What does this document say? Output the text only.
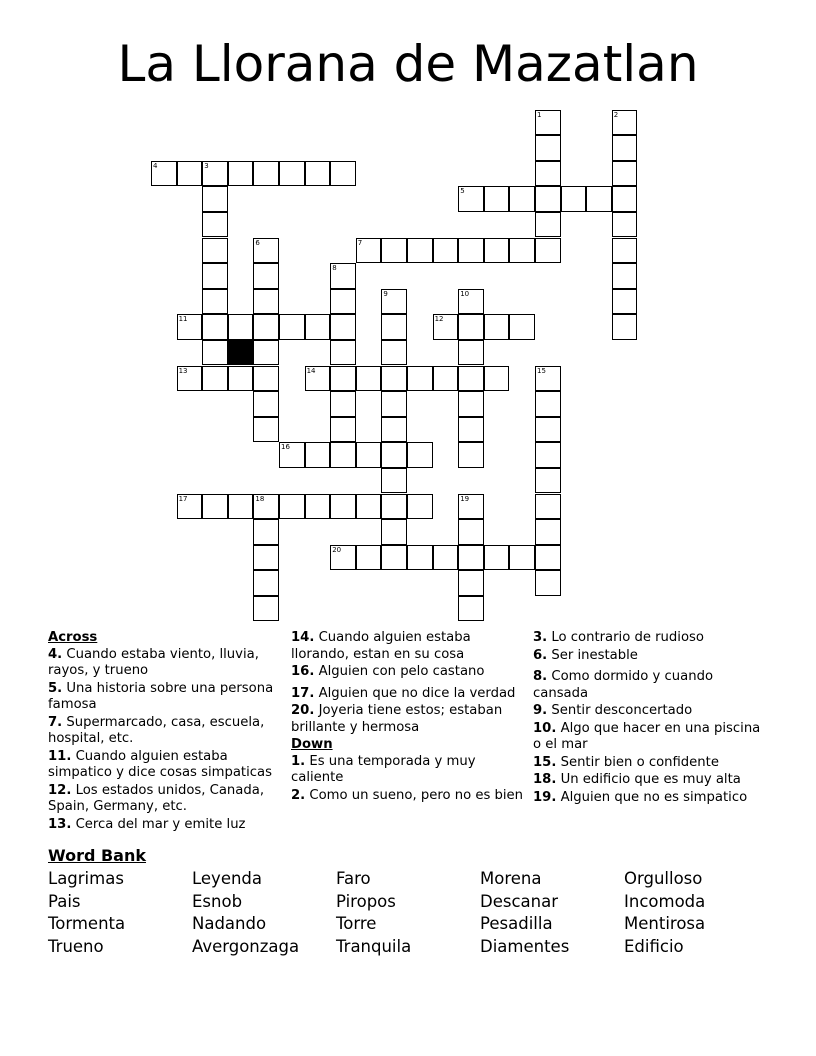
La Llorana de Mazatlan
4	3
5
7
11	12
13	14
16
17	18
20
1	2
6
8
9	10
15
19
Across
4. Cuando estaba viento, lluvia, rayos, y trueno
5. Una historia sobre una persona famosa
7. Supermarcado, casa, escuela, hospital, etc.
11. Cuando alguien estaba simpatico y dice cosas simpaticas
12. Los estados unidos, Canada, Spain, Germany, etc.
13. Cerca del mar y emite luz
14. Cuando alguien estaba llorando, estan en su cosa
16. Alguien con pelo castano
17. Alguien que no dice la verdad
20. Joyeria tiene estos; estaban brillante y hermosa
Down
1. Es una temporada y muy caliente
2. Como un sueno, pero no es bien
3. Lo contrario de rudioso
6. Ser inestable
8. Como dormido y cuando cansada
9. Sentir desconcertado
10. Algo que hacer en una piscina o el mar
15. Sentir bien o confidente
18. Un edificio que es muy alta
19. Alguien que no es simpatico
Word Bank
Lagrimas	Leyenda	Faro	Morena	Orgulloso
Pais	Esnob	Piropos	Descanar	Incomoda
Tormenta	Nadando	Torre	Pesadilla	Mentirosa
Trueno	Avergonzaga	Tranquila	Diamentes	Edificio
